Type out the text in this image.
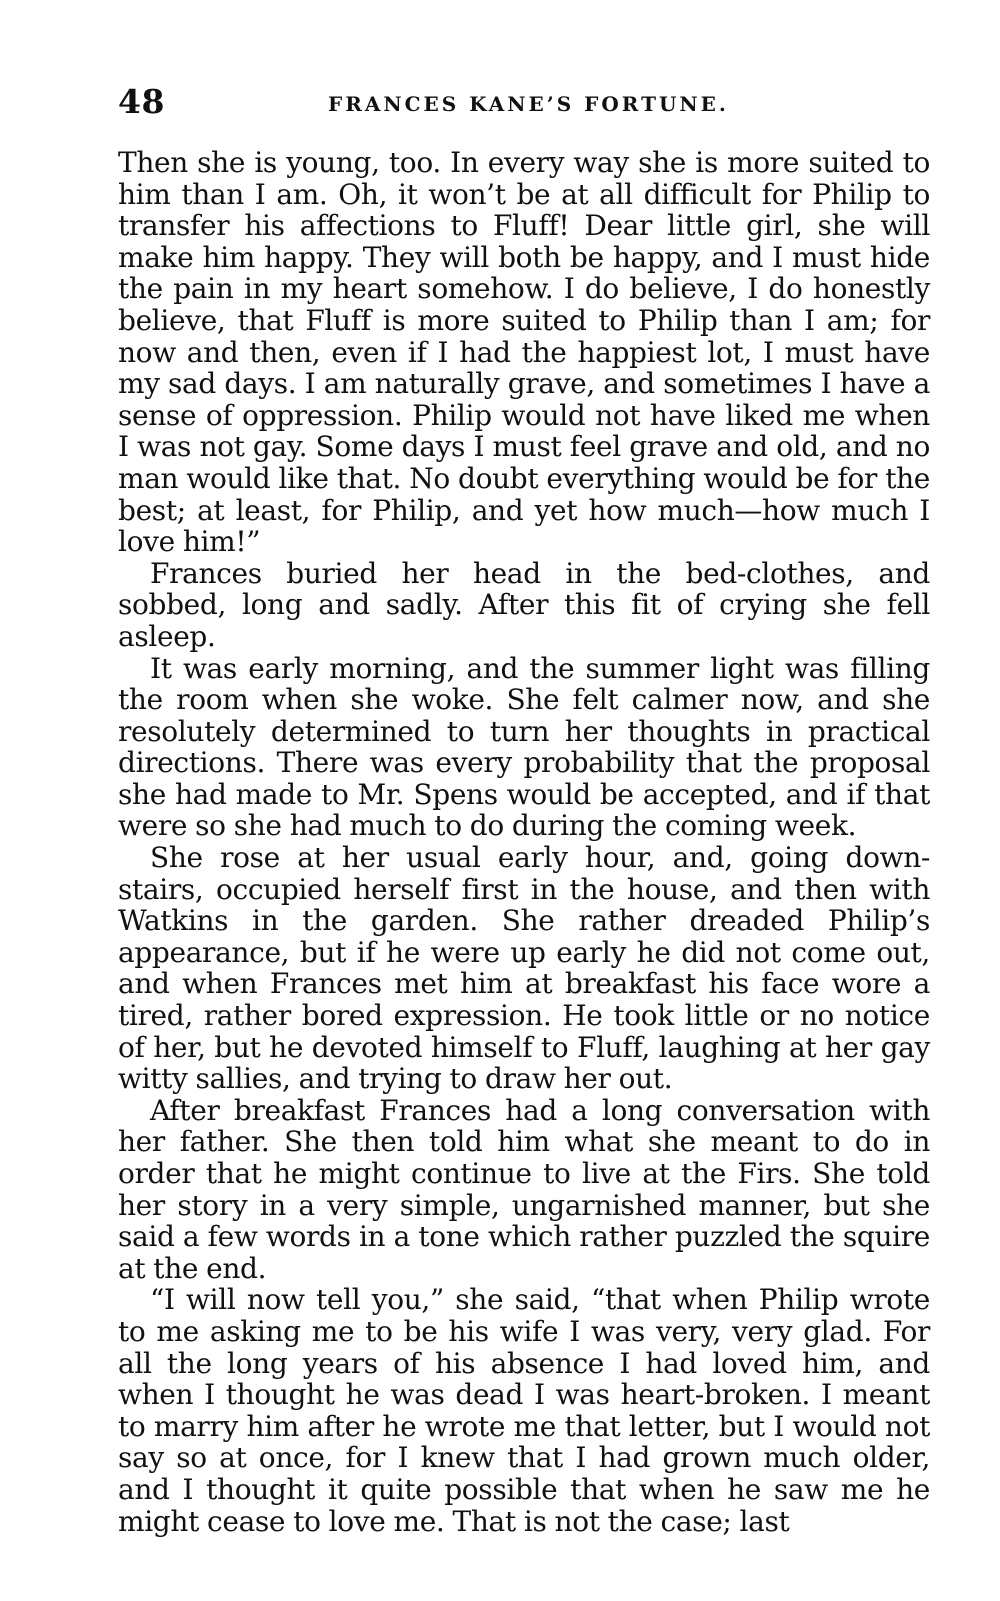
48	FRANCES KANE’S FORTUNE.

Then she is young, too. In every way she is more suited to him than I am. Oh, it won’t be at all difficult for Philip to transfer his affections to Fluff! Dear little girl, she will make him happy. They will both be happy, and I must hide the pain in my heart somehow. I do believe, I do honestly believe, that Fluff is more suited to Philip than I am; for now and then, even if I had the happiest lot, I must have my sad days. I am naturally grave, and sometimes I have a sense of oppression. Philip would not have liked me when I was not gay. Some days I must feel grave and old, and no man would like that. No doubt everything would be for the best; at least, for Philip, and yet how much—how much I love him!”

Frances buried her head in the bed-clothes, and sobbed, long and sadly. After this fit of crying she fell asleep.

It was early morning, and the summer light was filling the room when she woke. She felt calmer now, and she resolutely determined to turn her thoughts in practical directions. There was every probability that the proposal she had made to Mr. Spens would be accepted, and if that were so she had much to do during the coming week.

She rose at her usual early hour, and, going down-stairs, occupied herself first in the house, and then with Watkins in the garden. She rather dreaded Philip’s appearance, but if he were up early he did not come out, and when Frances met him at breakfast his face wore a tired, rather bored expression. He took little or no notice of her, but he devoted himself to Fluff, laughing at her gay witty sallies, and trying to draw her out.

After breakfast Frances had a long conversation with her father. She then told him what she meant to do in order that he might continue to live at the Firs. She told her story in a very simple, ungarnished manner, but she said a few words in a tone which rather puzzled the squire at the end.

“I will now tell you,” she said, “that when Philip wrote to me asking me to be his wife I was very, very glad. For all the long years of his absence I had loved him, and when I thought he was dead I was heart-broken. I meant to marry him after he wrote me that letter, but I would not say so at once, for I knew that I had grown much older, and I thought it quite possible that when he saw me he might cease to love me. That is not the case; last
